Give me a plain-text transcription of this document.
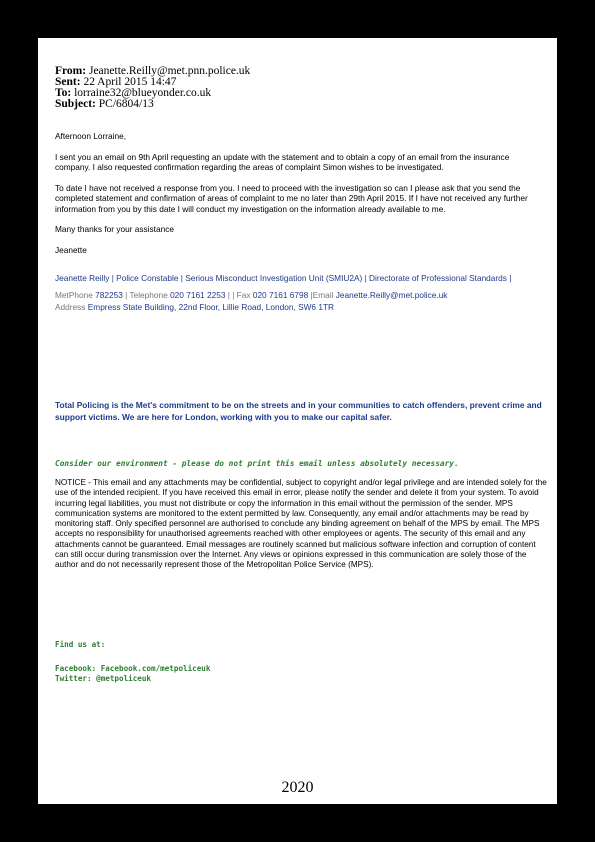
From: Jeanette.Reilly@met.pnn.police.uk
Sent: 22 April 2015 14:47
To: lorraine32@blueyonder.co.uk
Subject: PC/6804/13

Afternoon Lorraine,

I sent you an email on 9th April requesting an update with the statement and to obtain a copy of an email from the insurance company. I also requested confirmation regarding the areas of complaint Simon wishes to be investigated.

To date I have not received a response from you. I need to proceed with the investigation so can I please ask that you send the completed statement and confirmation of areas of complaint to me no later than 29th April 2015. If I have not received any further information from you by this date I will conduct my investigation on the information already available to me.

Many thanks for your assistance

Jeanette

Jeanette Reilly | Police Constable | Serious Misconduct Investigation Unit (SMIU2A) | Directorate of Professional Standards |

MetPhone 782253 | Telephone 020 7161 2253 | | Fax 020 7161 6798 |Email Jeanette.Reilly@met.police.uk

Address Empress State Building, 22nd Floor, Lillie Road, London, SW6 1TR

Total Policing is the Met's commitment to be on the streets and in your communities to catch offenders, prevent crime and support victims. We are here for London, working with you to make our capital safer.
Consider our environment - please do not print this email unless absolutely necessary.
NOTICE - This email and any attachments may be confidential, subject to copyright and/or legal privilege and are intended solely for the use of the intended recipient. If you have received this email in error, please notify the sender and delete it from your system. To avoid incurring legal liabilities, you must not distribute or copy the information in this email without the permission of the sender. MPS communication systems are monitored to the extent permitted by law. Consequently, any email and/or attachments may be read by monitoring staff. Only specified personnel are authorised to conclude any binding agreement on behalf of the MPS by email. The MPS accepts no responsibility for unauthorised agreements reached with other employees or agents. The security of this email and any attachments cannot be guaranteed. Email messages are routinely scanned but malicious software infection and corruption of content can still occur during transmission over the Internet. Any views or opinions expressed in this communication are solely those of the author and do not necessarily represent those of the Metropolitan Police Service (MPS).
Find us at:
Facebook: Facebook.com/metpoliceuk
Twitter: @metpoliceuk
2020
